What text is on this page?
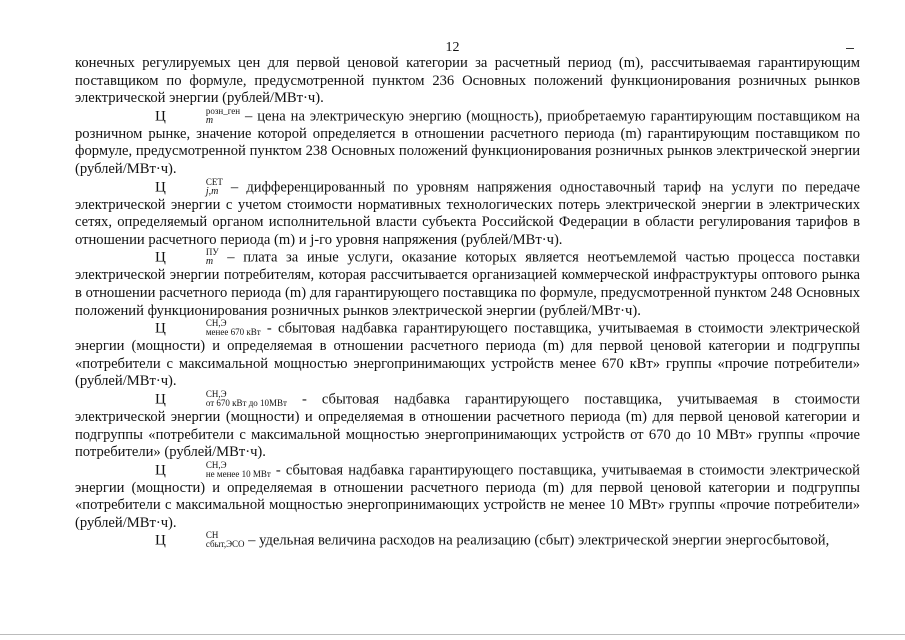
12

конечных регулируемых цен для первой ценовой категории за расчетный период (m), рассчитываемая гарантирующим поставщиком по формуле, предусмотренной пунктом 236 Основных положений функционирования розничных рынков электрической энергии (рублей/МВт·ч).

Ц	розн_ген
m	– цена на электрическую энергию (мощность), приобретаемую гарантирующим поставщиком на розничном рынке, значение которой определяется в отношении расчетного периода (m) гарантирующим поставщиком по формуле, предусмотренной пунктом 238 Основных положений функционирования розничных рынков электрической энергии (рублей/МВт·ч).

Ц	СЕТ
j,m – дифференцированный по уровням напряжения одноставочный тариф на услуги по передаче электрической энергии с учетом стоимости нормативных технологических потерь электрической энергии в электрических сетях, определяемый органом исполнительной власти субъекта Российской Федерации в области регулирования тарифов в отношении расчетного периода (m) и j-го уровня напряжения (рублей/МВт·ч).

Ц	ПУ
m – плата за иные услуги, оказание которых является неотъемлемой частью процесса поставки электрической энергии потребителям, которая рассчитывается организацией коммерческой инфраструктуры оптового рынка в отношении расчетного периода (m) для гарантирующего поставщика по формуле, предусмотренной пунктом 248 Основных положений функционирования розничных рынков электрической энергии (рублей/МВт·ч).

Ц	СН,Э
менее 670 кВт - сбытовая надбавка гарантирующего поставщика, учитываемая в стоимости электрической энергии (мощности) и определяемая в отношении расчетного периода (m) для первой ценовой категории и подгруппы «потребители с максимальной мощностью энергопринимающих устройств менее 670 кВт» группы «прочие потребители» (рублей/МВт·ч).

Ц	СН,Э
от 670 кВт до 10МВт - сбытовая надбавка гарантирующего поставщика, учитываемая в стоимости электрической энергии (мощности) и определяемая в отношении расчетного периода (m) для первой ценовой категории и подгруппы «потребители с максимальной мощностью энергопринимающих устройств от 670 до 10 МВт» группы «прочие потребители» (рублей/МВт·ч).

Ц	СН,Э
не менее 10 МВт - сбытовая надбавка гарантирующего поставщика, учитываемая в стоимости электрической энергии (мощности) и определяемая в отношении расчетного периода (m) для первой ценовой категории и подгруппы «потребители с максимальной мощностью энергопринимающих устройств не менее 10 МВт» группы «прочие потребители» (рублей/МВт·ч).

Ц	СН
сбыт,ЭСО – удельная величина расходов на реализацию (сбыт) электрической энергии энергосбытовой,
